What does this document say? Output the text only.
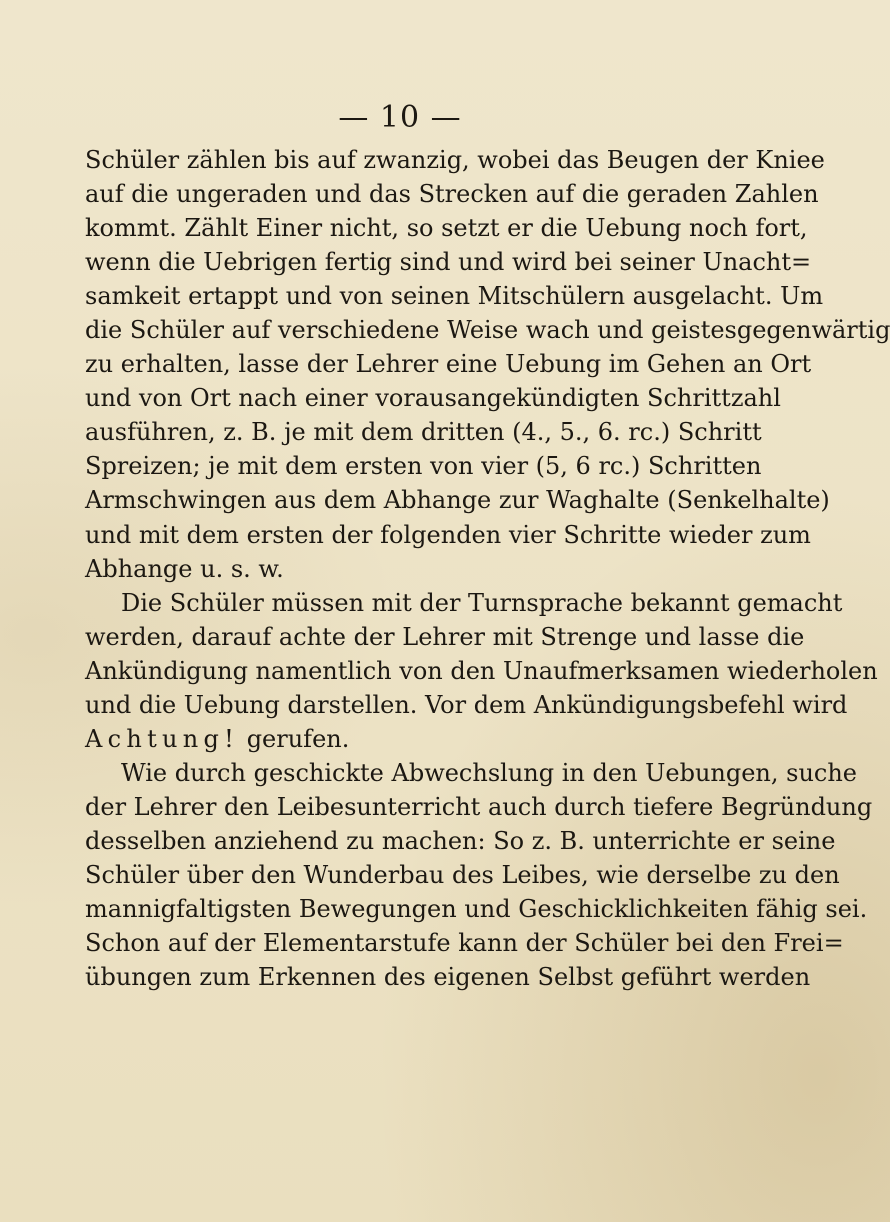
— 10 —
Schüler zählen bis auf zwanzig, wobei das Beugen der Kniee
auf die ungeraden und das Strecken auf die geraden Zahlen
kommt. Zählt Einer nicht, so setzt er die Uebung noch fort,
wenn die Uebrigen fertig sind und wird bei seiner Unacht=
samkeit ertappt und von seinen Mitschülern ausgelacht. Um
die Schüler auf verschiedene Weise wach und geistesgegenwärtig
zu erhalten, lasse der Lehrer eine Uebung im Gehen an Ort
und von Ort nach einer vorausangekündigten Schrittzahl
ausführen, z. B. je mit dem dritten (4., 5., 6. rc.) Schritt
Spreizen; je mit dem ersten von vier (5, 6 rc.) Schritten
Armschwingen aus dem Abhange zur Waghalte (Senkelhalte)
und mit dem ersten der folgenden vier Schritte wieder zum
Abhange u. s. w.
Die Schüler müssen mit der Turnsprache bekannt gemacht
werden, darauf achte der Lehrer mit Strenge und lasse die
Ankündigung namentlich von den Unaufmerksamen wiederholen
und die Uebung darstellen. Vor dem Ankündigungsbefehl wird
Achtung! gerufen.
Wie durch geschickte Abwechslung in den Uebungen, suche
der Lehrer den Leibesunterricht auch durch tiefere Begründung
desselben anziehend zu machen: So z. B. unterrichte er seine
Schüler über den Wunderbau des Leibes, wie derselbe zu den
mannigfaltigsten Bewegungen und Geschicklichkeiten fähig sei.
Schon auf der Elementarstufe kann der Schüler bei den Frei=
übungen zum Erkennen des eigenen Selbst geführt werden
